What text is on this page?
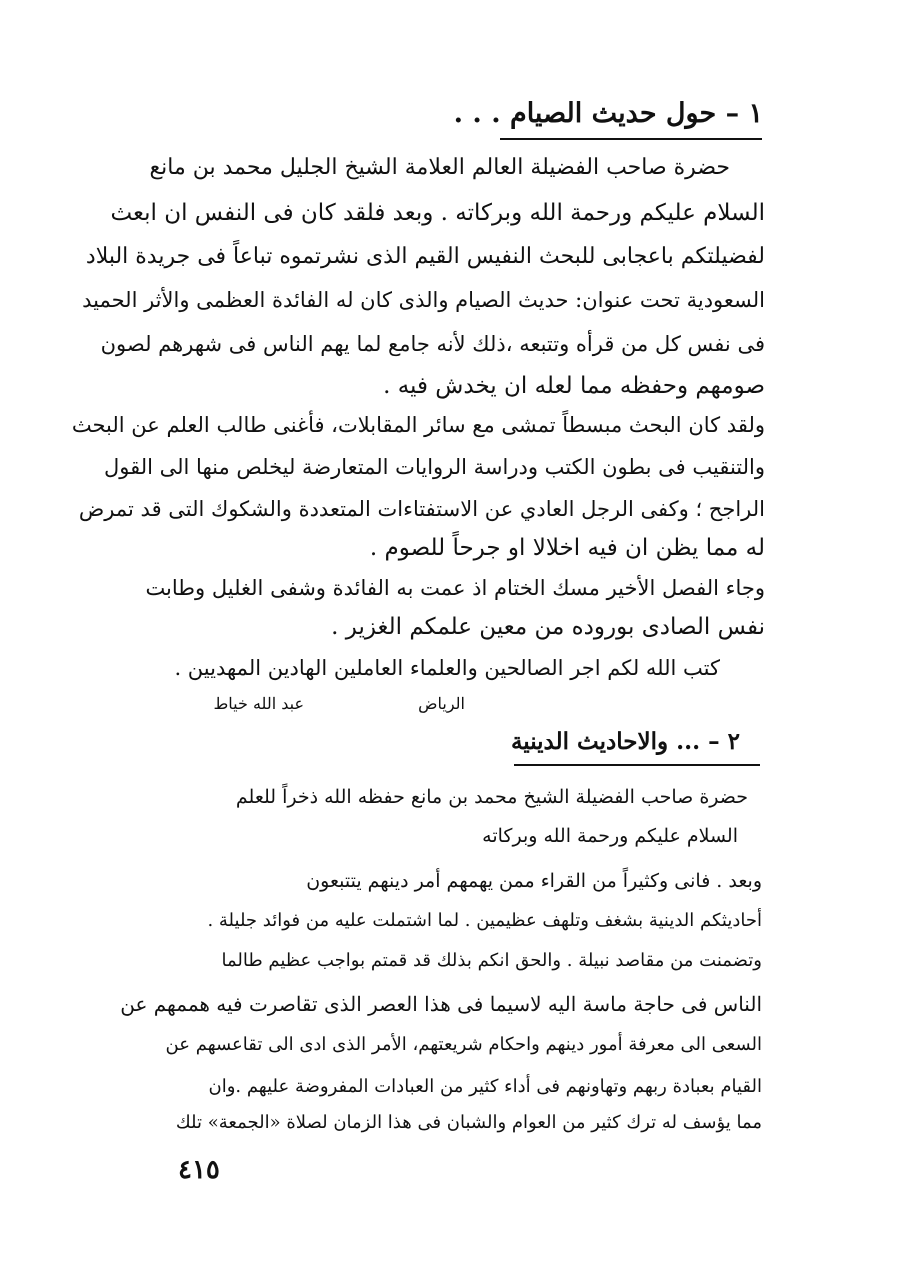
١ – حول حديث الصيام . . .
حضرة صاحب الفضيلة العالم العلامة الشيخ الجليل محمد بن مانع
السلام عليكم ورحمة الله وبركاته . وبعد فلقد كان فى النفس ان ابعث
لفضيلتكم باعجابى للبحث النفيس القيم الذى نشرتموه تباعاً فى جريدة البلاد
السعودية تحت عنوان: حديث الصيام والذى كان له الفائدة العظمى والأثر الحميد
فى نفس كل من قرأه وتتبعه ،ذلك لأنه جامع لما يهم الناس فى شهرهم لصون
صومهم وحفظه مما لعله ان يخدش فيه .
ولقد كان البحث مبسطاً تمشى مع سائر المقابلات، فأغنى طالب العلم عن البحث
والتنقيب فى بطون الكتب ودراسة الروايات المتعارضة ليخلص منها الى القول
الراجح ؛ وكفى الرجل العادي عن الاستفتاءات المتعددة والشكوك التى قد تمرض
له مما يظن ان فيه اخلالا او جرحاً للصوم .
وجاء الفصل الأخير مسك الختام اذ عمت به الفائدة وشفى الغليل وطابت
نفس الصادى بوروده من معين علمكم الغزير .
كتب الله لكم اجر الصالحين والعلماء العاملين الهادين المهديين .
الرياض
عبد الله خياط
٢ – ... والاحاديث الدينية
حضرة صاحب الفضيلة الشيخ محمد بن مانع حفظه الله ذخراً للعلم
السلام عليكم ورحمة الله وبركاته
وبعد . فانى وكثيراً من القراء ممن يهمهم أمر دينهم يتتبعون
أحاديثكم الدينية بشغف وتلهف عظيمين . لما اشتملت عليه من فوائد جليلة .
وتضمنت من مقاصد نبيلة . والحق انكم بذلك قد قمتم بواجب عظيم طالما
الناس فى حاجة ماسة اليه لاسيما فى هذا العصر الذى تقاصرت فيه هممهم عن
السعى الى معرفة أمور دينهم واحكام شريعتهم، الأمر الذى ادى الى تقاعسهم عن
القيام بعبادة ربهم وتهاونهم فى أداء كثير من العبادات المفروضة عليهم .وان
مما يؤسف له ترك كثير من العوام والشبان فى هذا الزمان لصلاة «الجمعة» تلك
٤١٥
